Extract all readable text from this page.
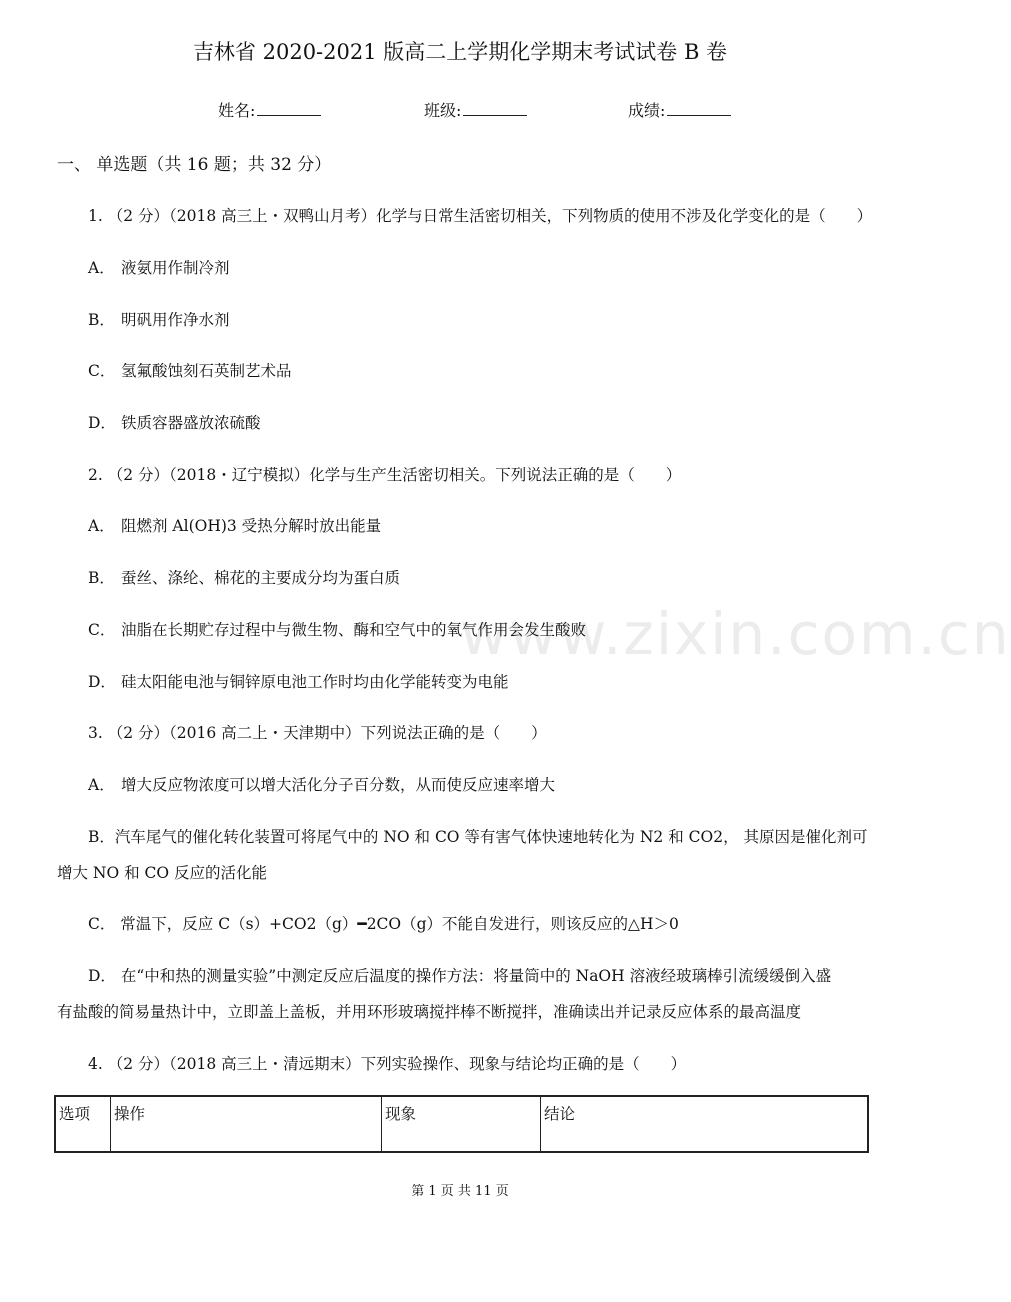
www.zixin.com.cn
吉林省 2020-2021 版高二上学期化学期末考试试卷 B 卷
姓名:	班级:	成绩:
一、 单选题（共 16 题；共 32 分）
1. （2 分）（2018 高三上・双鸭山月考）化学与日常生活密切相关，下列物质的使用不涉及化学变化的是（　　）
A． 液氨用作制冷剂
B． 明矾用作净水剂
C． 氢氟酸蚀刻石英制艺术品
D． 铁质容器盛放浓硫酸
2. （2 分）（2018・辽宁模拟）化学与生产生活密切相关。下列说法正确的是（　　）
A． 阻燃剂 Al(OH)3 受热分解时放出能量
B． 蚕丝、涤纶、棉花的主要成分均为蛋白质
C． 油脂在长期贮存过程中与微生物、酶和空气中的氧气作用会发生酸败
D． 硅太阳能电池与铜锌原电池工作时均由化学能转变为电能
3. （2 分）（2016 高二上・天津期中）下列说法正确的是（　　）
A． 增大反应物浓度可以增大活化分子百分数，从而使反应速率增大
B．汽车尾气的催化转化装置可将尾气中的 NO 和 CO 等有害气体快速地转化为 N2 和 CO2， 其原因是催化剂可
增大 NO 和 CO 反应的活化能
C． 常温下，反应 C（s）+CO2（g）━2CO（g）不能自发进行，则该反应的△H＞0
D． 在“中和热的测量实验”中测定反应后温度的操作方法：将量筒中的 NaOH 溶液经玻璃棒引流缓缓倒入盛
有盐酸的简易量热计中，立即盖上盖板，并用环形玻璃搅拌棒不断搅拌，准确读出并记录反应体系的最高温度
4. （2 分）（2018 高三上・清远期末）下列实验操作、现象与结论均正确的是（　　）
选项	操作	现象	结论
第 1 页 共 11 页
